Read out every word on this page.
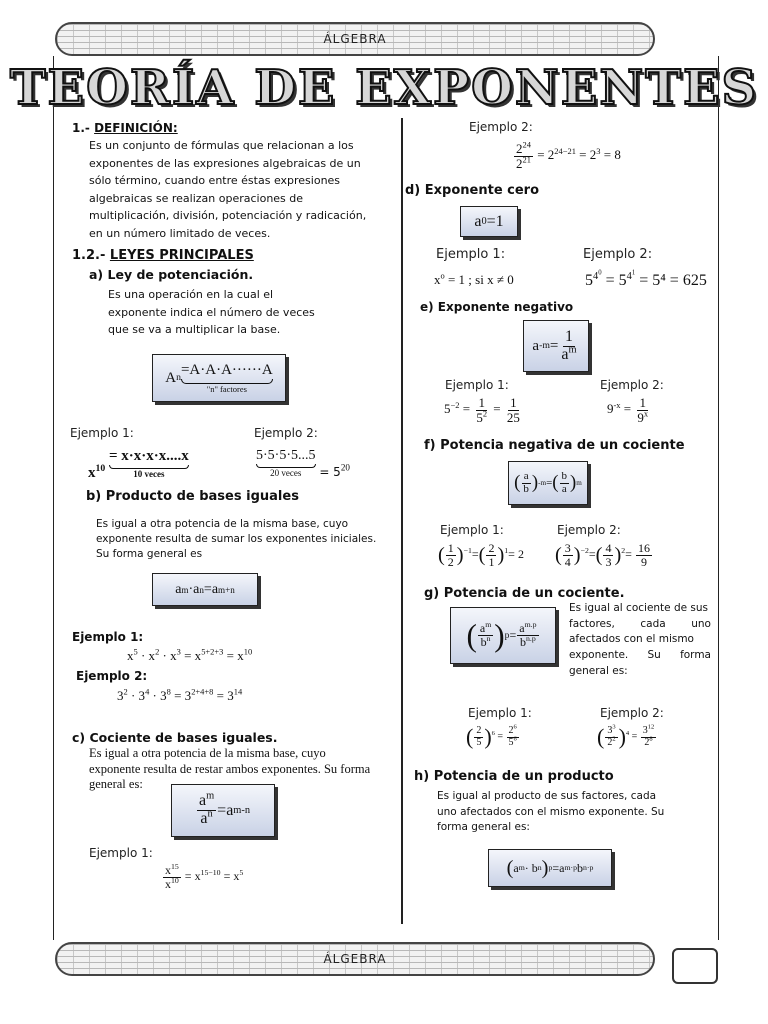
ÁLGEBRA
TEORÍA DE EXPONENTES
1.- DEFINICIÓN:
Es un conjunto de fórmulas que relacionan a los
exponentes de las expresiones algebraicas de un
sólo término, cuando entre éstas expresiones
algebraicas se realizan operaciones de
multiplicación, división, potenciación y radicación,
en un número limitado de veces.
1.2.- LEYES PRINCIPALES
a) Ley de potenciación.
Es una operación en la cual el
exponente indica el número de veces
que se va a multiplicar la base.
A n =A·A·A······A
"n" factores
Ejemplo 1:
$x^{10} = x\cdot x\cdot x\cdot x....x$
10 veces
Ejemplo 2:
5·5·5·5...5
20 veces	= $5^{20}$
b) Producto de bases iguales
Es igual a otra potencia de la misma base, cuyo
exponente resulta de sumar los exponentes iniciales.
Su forma general es
a m · a n = a m+n
Ejemplo 1:
$x^5 \cdot x^2 \cdot x^3 = x^{5+2+3} = x^{10}$
Ejemplo 2:
$3^2 \cdot 3^4 \cdot 3^8 = 3^{2+4+8} = 3^{14}$
c) Cociente de bases iguales.
Es igual a otra potencia de la misma base, cuyo
exponente resulta de restar ambos exponentes. Su forma
general es:
$\frac{a^m}{a^n} = a$ m-n
Ejemplo 1:
$\frac{x^{15}}{x^{10}} = x^{15-10} = x^5$
Ejemplo 2:
$\frac{2^{24}}{2^{21}} = 2^{24-21} = 2^3 = 8$
d) Exponente cero
a 0 =1
Ejemplo 1:
$x^o = 1$ ; si x ≠ 0
Ejemplo 2:
$5^{4^0} = 5^{4^1} = 5^4 = 625$
e) Exponente negativo
a $-m = \frac{1}{a^m}$
Ejemplo 1:
$5^{-2} = \frac{1}{5^2} = \frac{1}{25}$
Ejemplo 2:
$9^{-x} = \frac{1}{9^x}$
f) Potencia negativa de un cociente
( $\frac{a}{b}$ ) -m = ( $\frac{b}{a}$ ) m
Ejemplo 1:
( $\frac{1}{2} )^{-1}=( \frac{2}{1} )^1= 2$
Ejemplo 2:
( $\frac{3}{4} )^{-2}=( \frac{4}{3} )^2= \frac{16}{9}$
g) Potencia de un cociente.
( $\frac{a^m}{b^n}$ ) $p = \frac{a^{m.p}}{b^{n.p}}$
Es igual al cociente de sus
factores, cada uno
afectados con el mismo
exponente. Su forma
general es:
Ejemplo 1:
( $\frac{2}{5} )^6 = \frac{2^6}{5^6}$
Ejemplo 2:
( $\frac{3^3}{2^2} )^4 = \frac{3^{12}}{2^8}$
h) Potencia de un producto
Es igual al producto de sus factores, cada
uno afectados con el mismo exponente. Su
forma general es:
( a m · b n ) p =a m·p b n·p
ÁLGEBRA
